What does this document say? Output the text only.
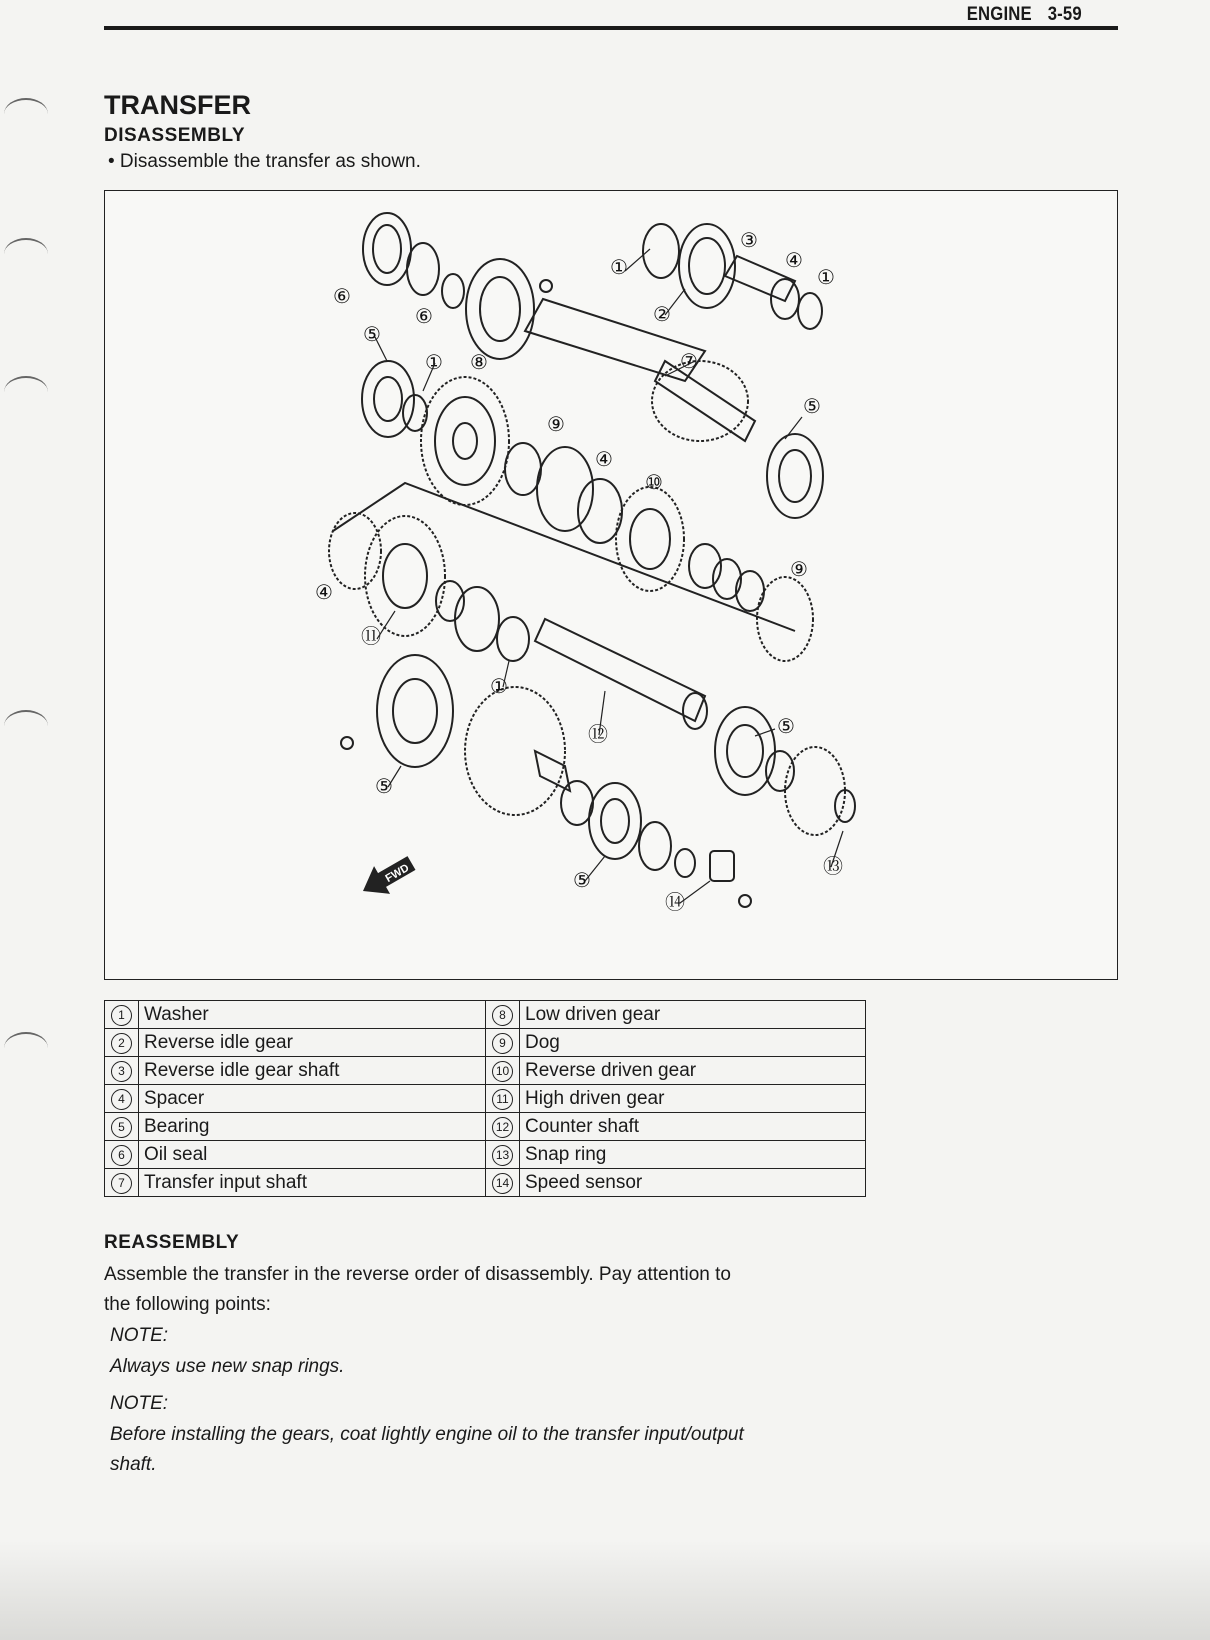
ENGINE 3-59
TRANSFER
DISASSEMBLY
• Disassemble the transfer as shown.
FWD
⑥
⑥
⑤
① ⑧
①
②
③
④
①
⑦
⑤
⑨
④
⑩
⑨
④
⑪
①
⑫	⑤
⑤
⑤
⑬
⑭
1	Washer	8	Low driven gear
2	Reverse idle gear	9	Dog
3	Reverse idle gear shaft	10	Reverse driven gear
4	Spacer	11	High driven gear
5	Bearing	12	Counter shaft
6	Oil seal	13	Snap ring
7	Transfer input shaft	14	Speed sensor
REASSEMBLY
Assemble the transfer in the reverse order of disassembly. Pay attention to the following points:
NOTE:
Always use new snap rings.
NOTE:
Before installing the gears, coat lightly engine oil to the transfer input/output shaft.
